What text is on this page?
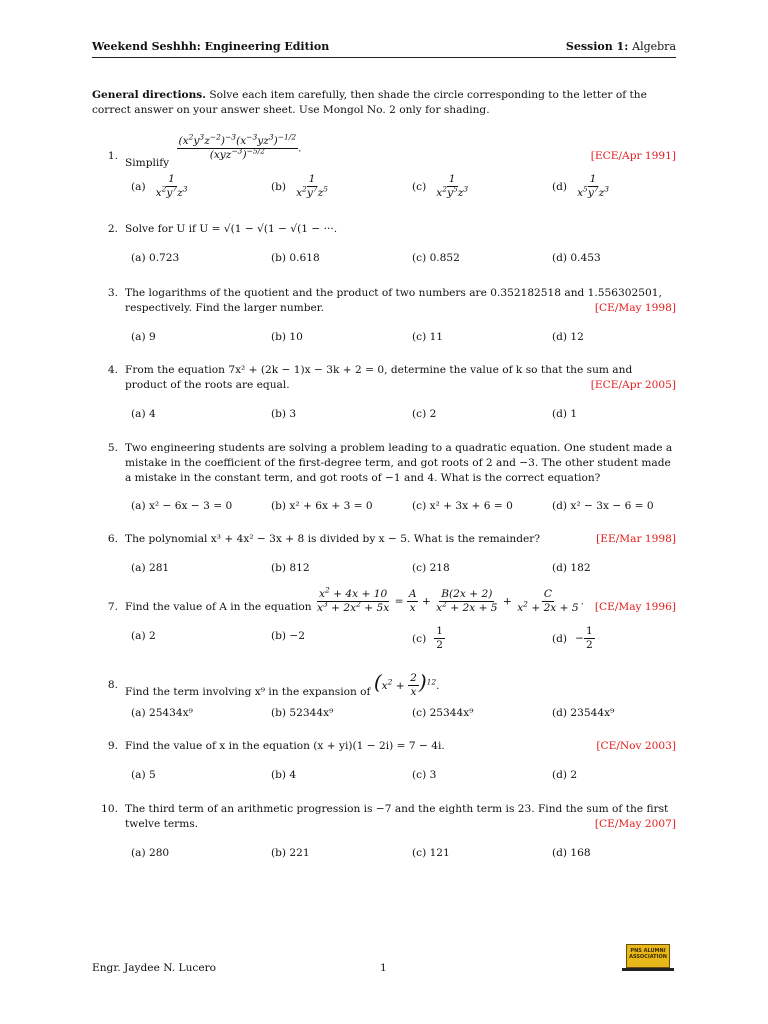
Weekend Seshhh: Engineering Edition	Session 1: Algebra
General directions. Solve each item carefully, then shade the circle corresponding to the letter of the correct answer on your answer sheet. Use Mongol No. 2 only for shading.
1.
Simplify
$\frac{(x^2y^3z^{-2})^{-3}(x^{-3}yz^3)^{-1/2}}{(xyz^{-3})^{-5/2}}$ .
[ECE/Apr 1991]
$(a) \frac{1}{x^2y^7z^3}$	$(b) \frac{1}{x^2y^7z^5}$	$(c) \frac{1}{x^2y^5z^3}$	$(d) \frac{1}{x^5y^7z^3}$
2. Solve for U if U = √(1 − √(1 − √(1 − ···.
(a) 0.723	(b) 0.618	(c) 0.852	(d) 0.453
3. The logarithms of the quotient and the product of two numbers are 0.352182518 and 1.556302501, respectively. Find the larger number.	[CE/May 1998]
(a) 9	(b) 10	(c) 11	(d) 12
4. From the equation 7x² + (2k − 1)x − 3k + 2 = 0, determine the value of k so that the sum and product of the roots are equal.	[ECE/Apr 2005]
(a) 4	(b) 3	(c) 2	(d) 1
5. Two engineering students are solving a problem leading to a quadratic equation. One student made a mistake in the coefficient of the first-degree term, and got roots of 2 and −3. The other student made a mistake in the constant term, and got roots of −1 and 4. What is the correct equation?
(a) x² − 6x − 3 = 0	(b) x² + 6x + 3 = 0	(c) x² + 3x + 6 = 0	(d) x² − 3x − 6 = 0
6. The polynomial x³ + 4x² − 3x + 8 is divided by x − 5. What is the remainder?	[EE/Mar 1998]
(a) 281	(b) 812	(c) 218	(d) 182
7. Find the value of A in the equation $\frac{x^2 + 4x + 10}{x^3 + 2x^2 + 5x} = \frac{A}{x} + \frac{B(2x + 2)}{x^2 + 2x + 5} + \frac{C}{x^2 + 2x + 5}$ . [CE/May 1996]
(a) 2	(b) −2	$(c) \frac{1}{2}$	$(d) - \frac{1}{2}$
8.
Find the term involving x⁹ in the expansion of $(x^2 + \frac{2}{x} )^{12}$.
(a) 25434x⁹	(b) 52344x⁹	(c) 25344x⁹	(d) 23544x⁹
9. Find the value of x in the equation (x + yi)(1 − 2i) = 7 − 4i.	[CE/Nov 2003]
(a) 5	(b) 4	(c) 3	(d) 2
10. The third term of an arithmetic progression is −7 and the eighth term is 23. Find the sum of the first twelve terms.	[CE/May 2007]
(a) 280	(b) 221	(c) 121	(d) 168
Engr. Jaydee N. Lucero	1
PNS ALUMNI ASSOCIATION
